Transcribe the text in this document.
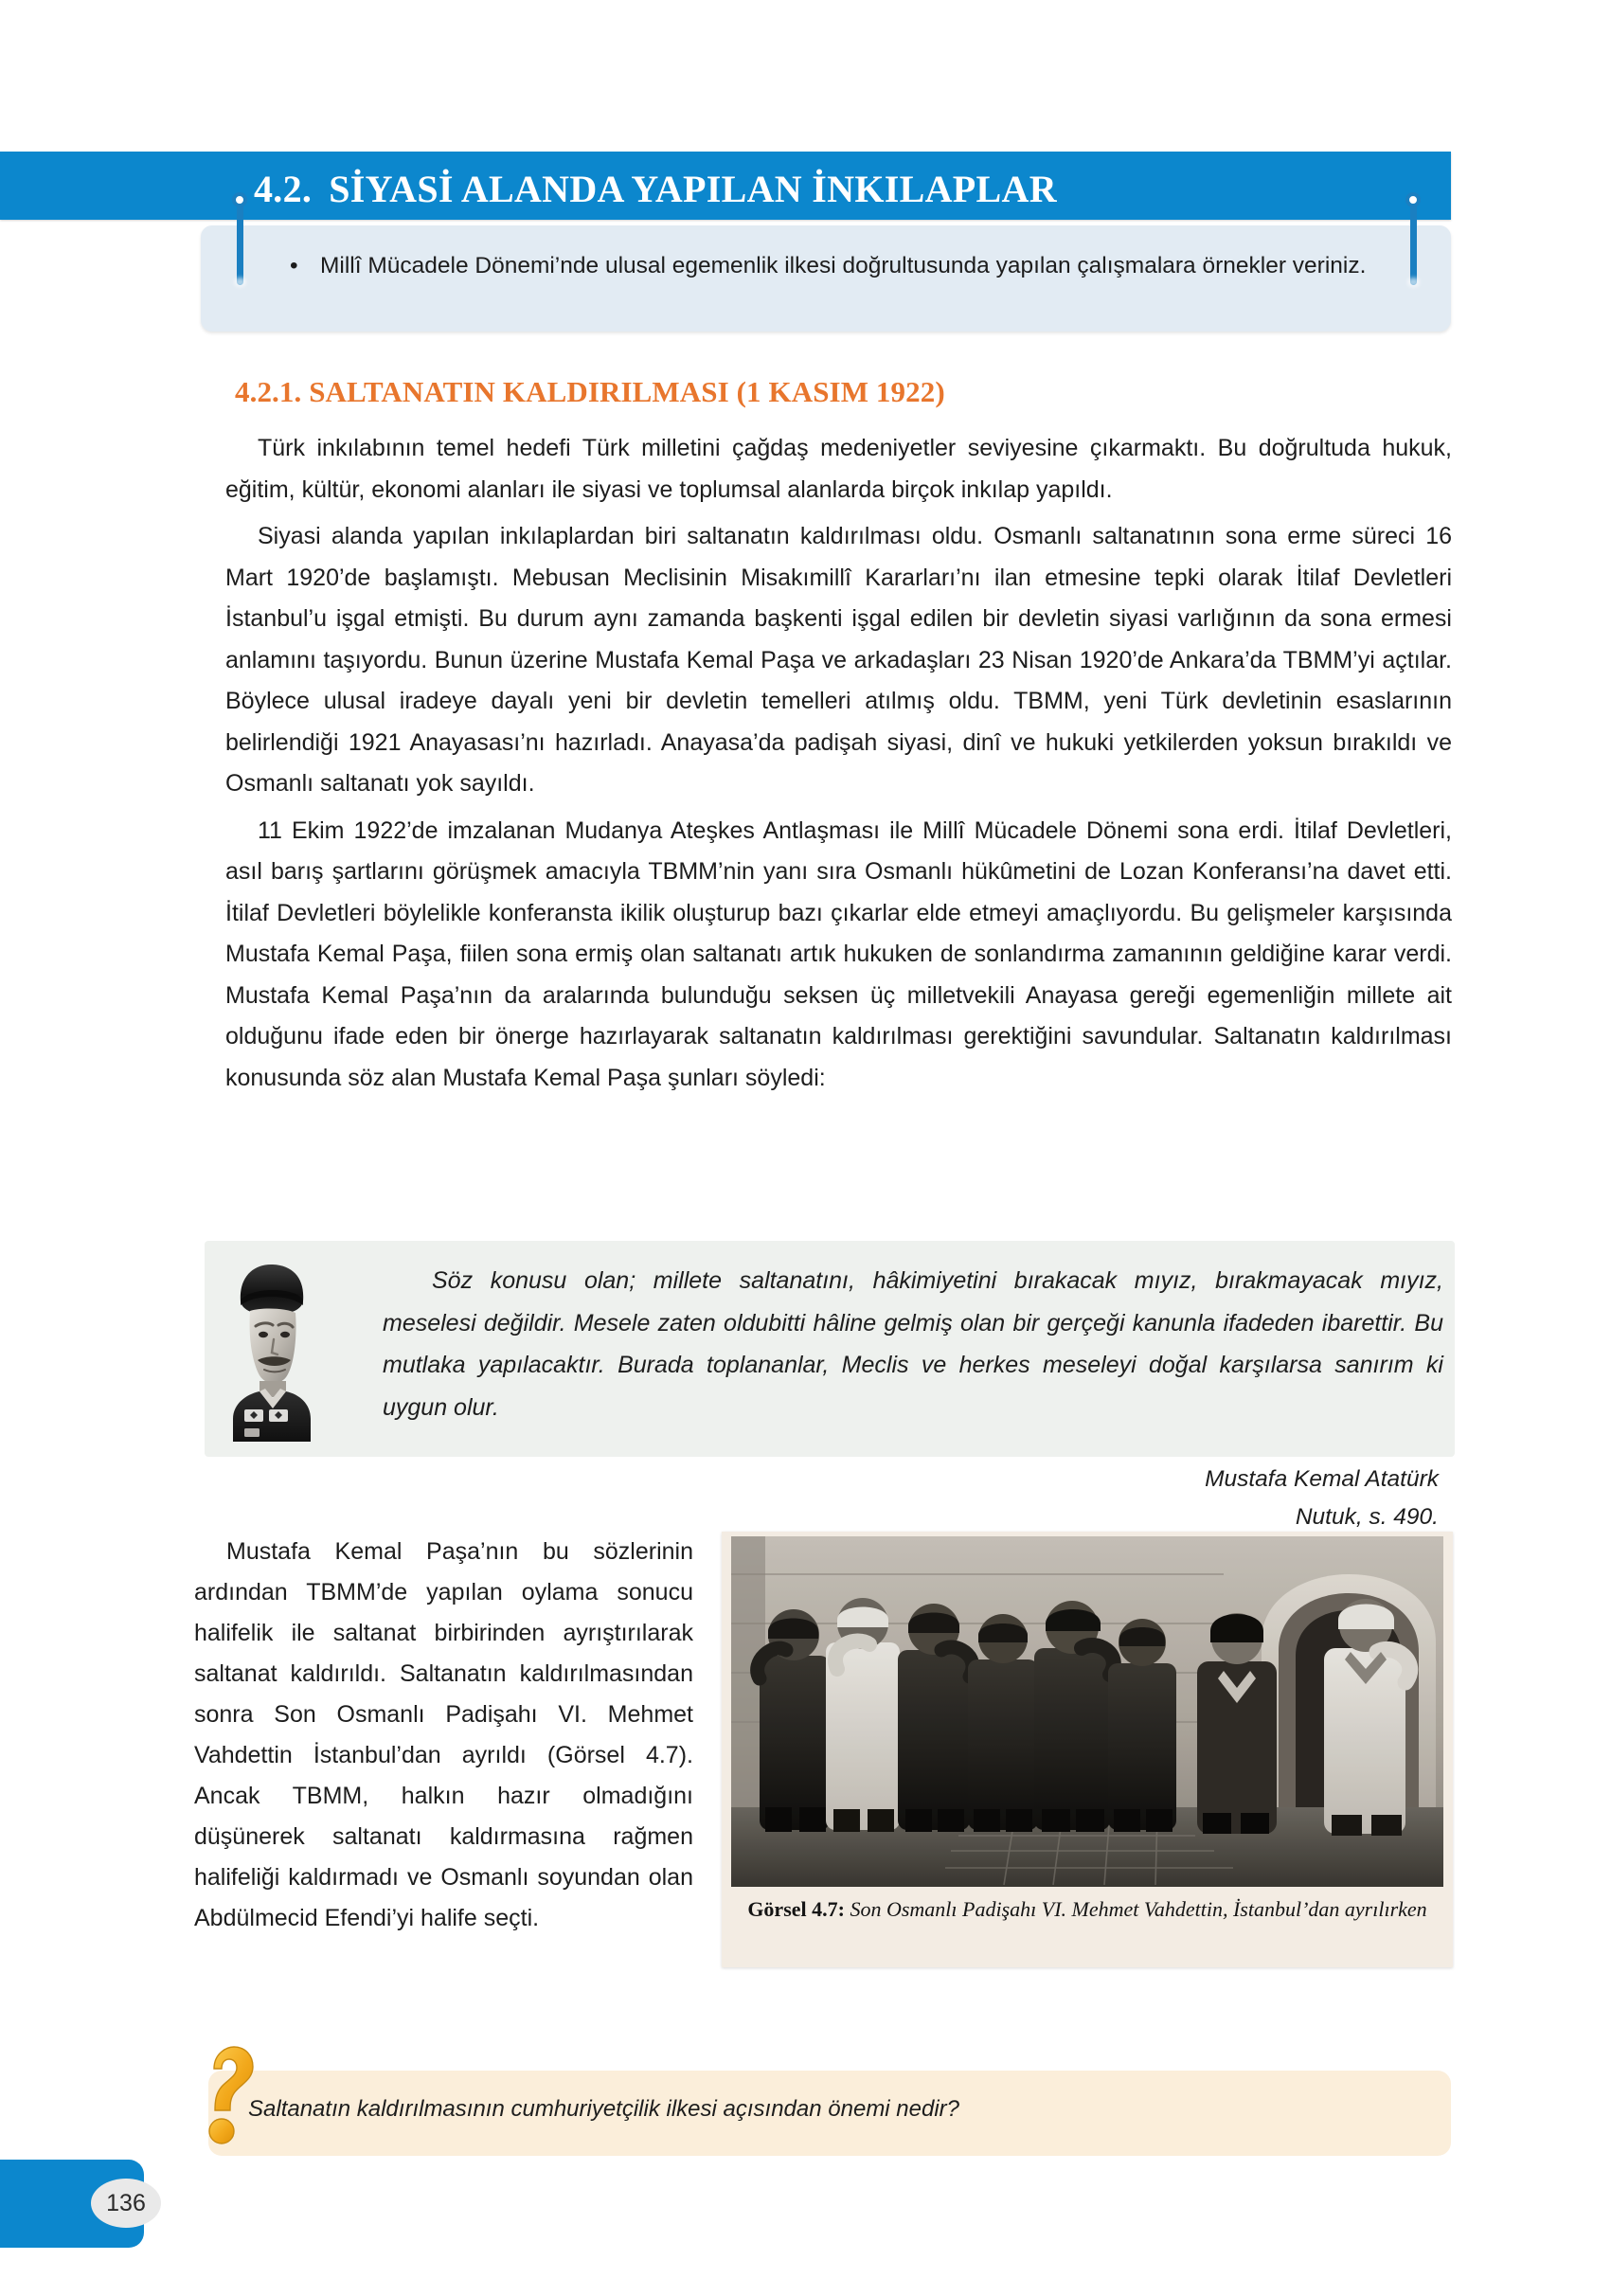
4.2. SİYASİ ALANDA YAPILAN İNKILAPLAR
• Millî Mücadele Dönemi’nde ulusal egemenlik ilkesi doğrultusunda yapılan çalışmalara örnekler veriniz.
4.2.1. SALTANATIN KALDIRILMASI (1 KASIM 1922)

Türk inkılabının temel hedefi Türk milletini çağdaş medeniyetler seviyesine çıkarmaktı. Bu doğrultuda hukuk, eğitim, kültür, ekonomi alanları ile siyasi ve toplumsal alanlarda birçok inkılap yapıldı.

Siyasi alanda yapılan inkılaplardan biri saltanatın kaldırılması oldu. Osmanlı saltanatının sona erme süreci 16 Mart 1920’de başlamıştı. Mebusan Meclisinin Misakımillî Kararları’nı ilan etmesine tepki olarak İtilaf Devletleri İstanbul’u işgal etmişti. Bu durum aynı zamanda başkenti işgal edilen bir devletin siyasi varlığının da sona ermesi anlamını taşıyordu. Bunun üzerine Mustafa Kemal Paşa ve arkadaşları 23 Nisan 1920’de Ankara’da TBMM’yi açtılar. Böylece ulusal iradeye dayalı yeni bir devletin temelleri atılmış oldu. TBMM, yeni Türk devletinin esaslarının belirlendiği 1921 Anayasası’nı hazırladı. Anayasa’da padişah siyasi, dinî ve hukuki yetkilerden yoksun bırakıldı ve Osmanlı saltanatı yok sayıldı.

11 Ekim 1922’de imzalanan Mudanya Ateşkes Antlaşması ile Millî Mücadele Dönemi sona erdi. İtilaf Devletleri, asıl barış şartlarını görüşmek amacıyla TBMM’nin yanı sıra Osmanlı hükûmetini de Lozan Konferansı’na davet etti. İtilaf Devletleri böylelikle konferansta ikilik oluşturup bazı çıkarlar elde etmeyi amaçlıyordu. Bu gelişmeler karşısında Mustafa Kemal Paşa, fiilen sona ermiş olan saltanatı artık hukuken de sonlandırma zamanının geldiğine karar verdi. Mustafa Kemal Paşa’nın da aralarında bulunduğu seksen üç milletvekili Anayasa gereği egemenliğin millete ait olduğunu ifade eden bir önerge hazırlayarak saltanatın kaldırılması gerektiğini savundular. Saltanatın kaldırılması konusunda söz alan Mustafa Kemal Paşa şunları söyledi:

Söz konusu olan; millete saltanatını, hâkimiyetini bırakacak mıyız, bırakmayacak mıyız, meselesi değildir. Mesele zaten oldubitti hâline gelmiş olan bir gerçeği kanunla ifadeden ibarettir. Bu mutlaka yapılacaktır. Burada toplananlar, Meclis ve herkes meseleyi doğal karşılarsa sanırım ki uygun olur.
Mustafa Kemal Atatürk
Nutuk, s. 490.

Mustafa Kemal Paşa’nın bu sözlerinin ardından TBMM’de yapılan oylama sonucu halifelik ile saltanat birbirinden ayrıştırılarak saltanat kaldırıldı. Saltanatın kaldırılmasından sonra Son Osmanlı Padişahı VI. Mehmet Vahdettin İstanbul’dan ayrıldı (Görsel 4.7). Ancak TBMM, halkın hazır olmadığını düşünerek saltanatı kaldırmasına rağmen halifeliği kaldırmadı ve Osmanlı soyundan olan Abdülmecid Efendi’yi halife seçti.	Görsel 4.7: Son Osmanlı Padişahı VI. Mehmet Vahdettin, İstanbul’dan ayrılırken
Saltanatın kaldırılmasının cumhuriyetçilik ilkesi açısından önemi nedir?
136
